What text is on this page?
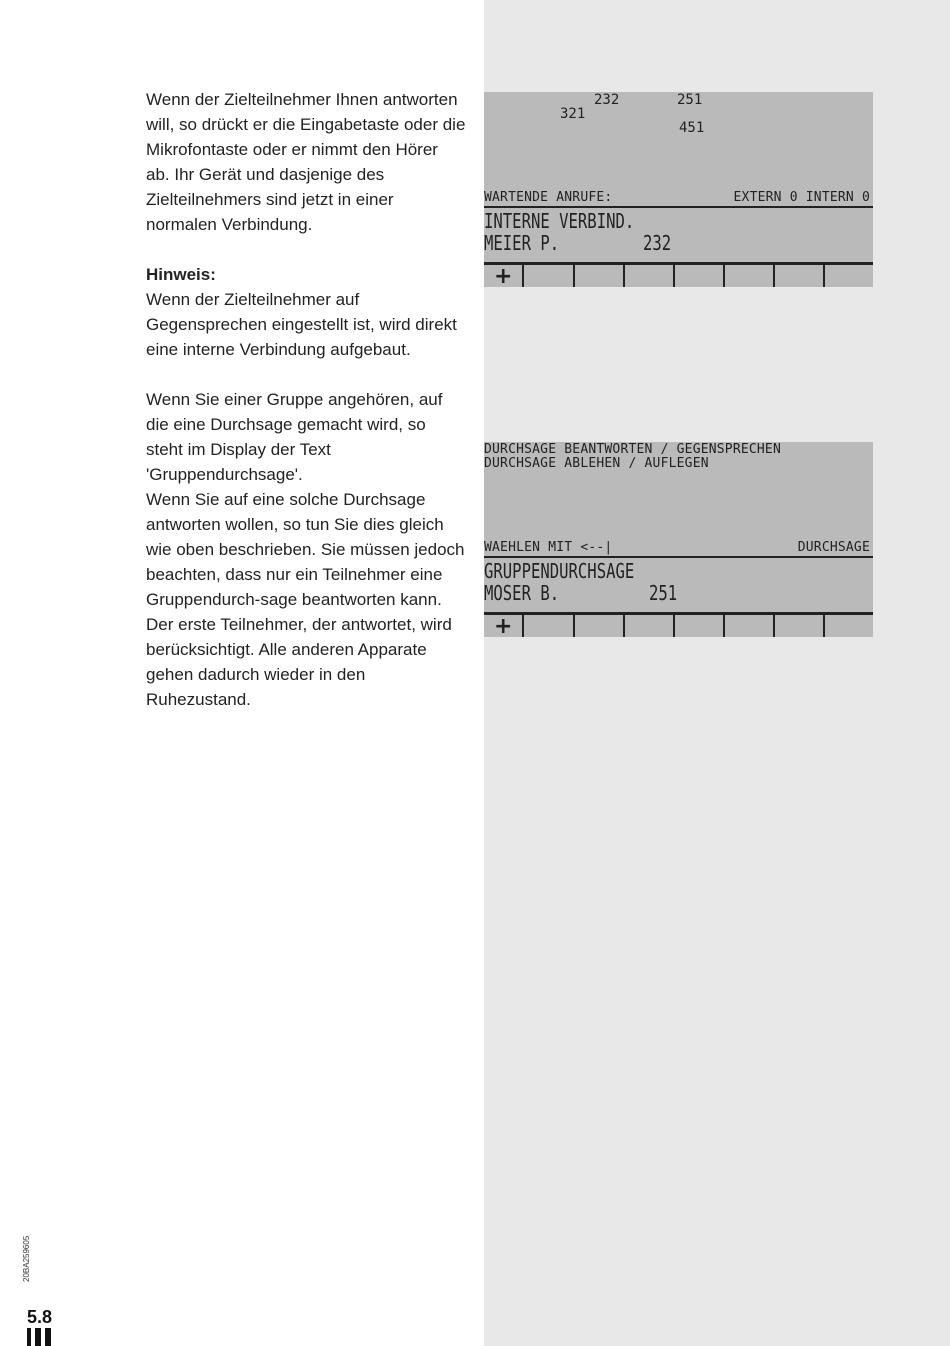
Wenn der Zielteilnehmer Ihnen antworten will, so drückt er die Eingabetaste oder die Mikrofontaste oder er nimmt den Hörer ab. Ihr Gerät und dasjenige des Zielteilnehmers sind jetzt in einer normalen Verbindung.

Hinweis:

Wenn der Zielteilnehmer auf Gegensprechen eingestellt ist, wird direkt eine interne Verbindung aufgebaut.

Wenn Sie einer Gruppe angehören, auf die eine Durchsage gemacht wird, so steht im Display der Text 'Gruppendurchsage'.

Wenn Sie auf eine solche Durchsage antworten wollen, so tun Sie dies gleich wie oben beschrieben. Sie müssen jedoch beachten, dass nur ein Teilnehmer eine Gruppendurch-sage beantworten kann. Der erste Teilnehmer, der antwortet, wird berücksichtigt. Alle anderen Apparate gehen dadurch wieder in den Ruhezustand.

232	251
321
451
WARTENDE ANRUFE:	EXTERN 0 INTERN 0
INTERNE VERBIND.
MEIER P.	232
+
DURCHSAGE BEANTWORTEN / GEGENSPRECHEN
DURCHSAGE ABLEHEN / AUFLEGEN
WAEHLEN MIT <--|	DURCHSAGE
GRUPPENDURCHSAGE
MOSER B.	251
+
20BA259605
5.8
